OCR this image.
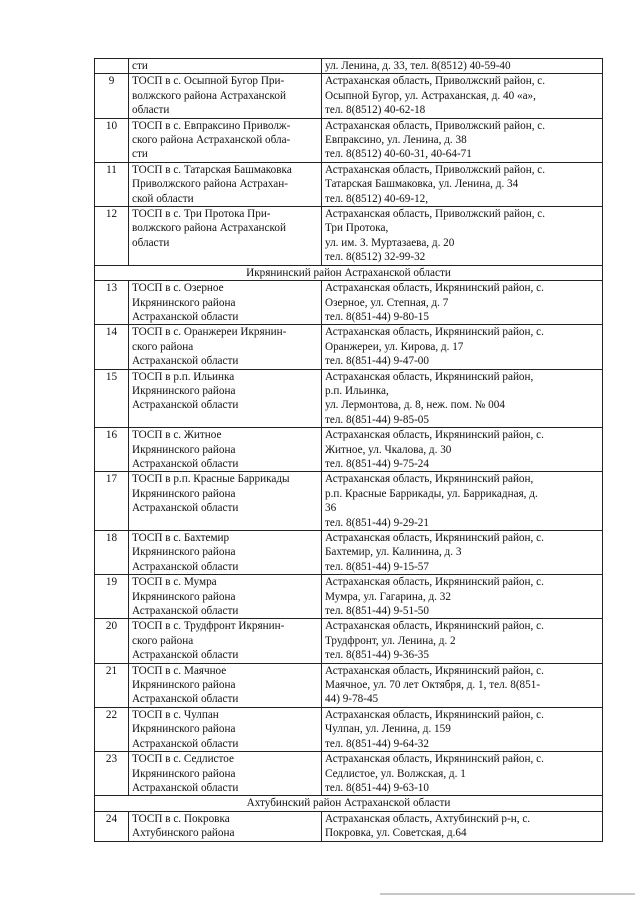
	сти	ул. Ленина, д. 33, тел. 8(8512) 40-59-40

9	ТОСП в с. Осыпной Бугор При-
волжского района Астраханской
области	Астраханская область, Приволжский район, с.
Осыпной Бугор, ул. Астраханская, д. 40 «а»,
тел. 8(8512) 40-62-18

10	ТОСП в с. Евпраксино Приволж-
ского района Астраханской обла-
сти	Астраханская область, Приволжский район, с.
Евпраксино, ул. Ленина, д. 38
тел. 8(8512) 40-60-31, 40-64-71

11	ТОСП в с. Татарская Башмаковка
Приволжского района Астрахан-
ской области	Астраханская область, Приволжский район, с.
Татарская Башмаковка, ул. Ленина, д. 34
тел. 8(8512) 40-69-12,

12	ТОСП в с. Три Протока При-
волжского района Астраханской
области	Астраханская область, Приволжский район, с.
Три Протока,
ул. им. З. Муртазаева, д. 20
тел. 8(8512) 32-99-32

Икрянинский район Астраханской области		
13	ТОСП в с. Озерное
Икрянинского района
Астраханской области	Астраханская область, Икрянинский район, с.
Озерное, ул. Степная, д. 7
тел. 8(851-44) 9-80-15

14	ТОСП в с. Оранжереи Икрянин-
ского района
Астраханской области	Астраханская область, Икрянинский район, с.
Оранжереи, ул. Кирова, д. 17
тел. 8(851-44) 9-47-00

15	ТОСП в р.п. Ильинка
Икрянинского района
Астраханской области	Астраханская область, Икрянинский район,
р.п. Ильинка,
ул. Лермонтова, д. 8, неж. пом. № 004
тел. 8(851-44) 9-85-05

16	ТОСП в с. Житное
Икрянинского района
Астраханской области	Астраханская область, Икрянинский район, с.
Житное, ул. Чкалова, д. 30
тел. 8(851-44) 9-75-24

17	ТОСП в р.п. Красные Баррикады
Икрянинского района
Астраханской области	Астраханская область, Икрянинский район,
р.п. Красные Баррикады, ул. Баррикадная, д.
36
тел. 8(851-44) 9-29-21

18	ТОСП в с. Бахтемир
Икрянинского района
Астраханской области	Астраханская область, Икрянинский район, с.
Бахтемир, ул. Калинина, д. 3
тел. 8(851-44) 9-15-57

19	ТОСП в с. Мумра
Икрянинского района
Астраханской области	Астраханская область, Икрянинский район, с.
Мумра, ул. Гагарина, д. 32
тел. 8(851-44) 9-51-50

20	ТОСП в с. Трудфронт Икрянин-
ского района
Астраханской области	Астраханская область, Икрянинский район, с.
Трудфронт, ул. Ленина, д. 2
тел. 8(851-44) 9-36-35

21	ТОСП в с. Маячное
Икрянинского района
Астраханской области	Астраханская область, Икрянинский район, с.
Маячное, ул. 70 лет Октября, д. 1, тел. 8(851-
44) 9-78-45

22	ТОСП в с. Чулпан
Икрянинского района
Астраханской области	Астраханская область, Икрянинский район, с.
Чулпан, ул. Ленина, д. 159
тел. 8(851-44) 9-64-32

23	ТОСП в с. Седлистое
Икрянинского района
Астраханской области	Астраханская область, Икрянинский район, с.
Седлистое, ул. Волжская, д. 1
тел. 8(851-44) 9-63-10

Ахтубинский район Астраханской области		
24	ТОСП в с. Покровка
Ахтубинского района	Астраханская область, Ахтубинский р-н, с.
Покровка, ул. Советская, д.64
